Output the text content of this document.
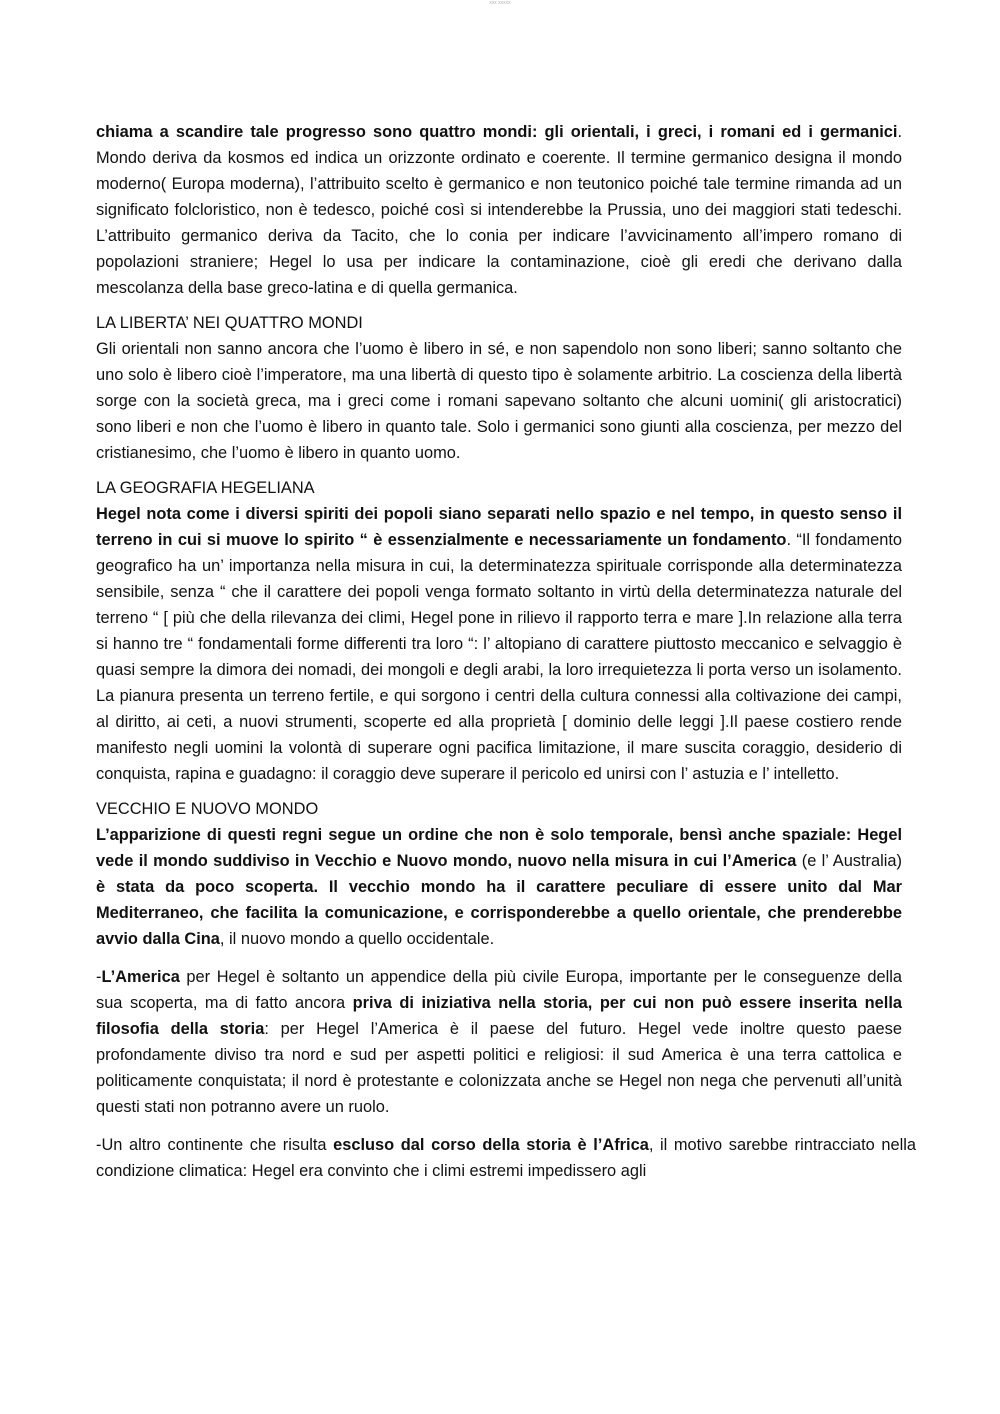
xxx xxxxx

chiama a scandire tale progresso sono quattro mondi: gli orientali, i greci, i romani ed i germanici. Mondo deriva da kosmos ed indica un orizzonte ordinato e coerente. Il termine germanico designa il mondo moderno( Europa moderna), l’attribuito scelto è germanico e non teutonico poiché tale termine rimanda ad un significato folcloristico, non è tedesco, poiché così si intenderebbe la Prussia, uno dei maggiori stati tedeschi. L’attribuito germanico deriva da Tacito, che lo conia per indicare l’avvicinamento all’impero romano di popolazioni straniere; Hegel lo usa per indicare la contaminazione, cioè gli eredi che derivano dalla mescolanza della base greco-latina e di quella germanica.

LA LIBERTA’ NEI QUATTRO MONDI

Gli orientali non sanno ancora che l’uomo è libero in sé, e non sapendolo non sono liberi; sanno soltanto che uno solo è libero cioè l’imperatore, ma una libertà di questo tipo è solamente arbitrio. La coscienza della libertà sorge con la società greca, ma i greci come i romani sapevano soltanto che alcuni uomini( gli aristocratici) sono liberi e non che l’uomo è libero in quanto tale. Solo i germanici sono giunti alla coscienza, per mezzo del cristianesimo, che l’uomo è libero in quanto uomo.

LA GEOGRAFIA HEGELIANA

Hegel nota come i diversi spiriti dei popoli siano separati nello spazio e nel tempo, in questo senso il terreno in cui si muove lo spirito “ è essenzialmente e necessariamente un fondamento. “Il fondamento geografico ha un’ importanza nella misura in cui, la determinatezza spirituale corrisponde alla determinatezza sensibile, senza “ che il carattere dei popoli venga formato soltanto in virtù della determinatezza naturale del terreno “ [ più che della rilevanza dei climi, Hegel pone in rilievo il rapporto terra e mare ].In relazione alla terra si hanno tre “ fondamentali forme differenti tra loro “: l’ altopiano di carattere piuttosto meccanico e selvaggio è quasi sempre la dimora dei nomadi, dei mongoli e degli arabi, la loro irrequietezza li porta verso un isolamento. La pianura presenta un terreno fertile, e qui sorgono i centri della cultura connessi alla coltivazione dei campi, al diritto, ai ceti, a nuovi strumenti, scoperte ed alla proprietà [ dominio delle leggi ].Il paese costiero rende manifesto negli uomini la volontà di superare ogni pacifica limitazione, il mare suscita coraggio, desiderio di conquista, rapina e guadagno: il coraggio deve superare il pericolo ed unirsi con l’ astuzia e l’ intelletto.

VECCHIO E NUOVO MONDO

L’apparizione di questi regni segue un ordine che non è solo temporale, bensì anche spaziale: Hegel vede il mondo suddiviso in Vecchio e Nuovo mondo, nuovo nella misura in cui l’America (e l’ Australia) è stata da poco scoperta. Il vecchio mondo ha il carattere peculiare di essere unito dal Mar Mediterraneo, che facilita la comunicazione, e corrisponderebbe a quello orientale, che prenderebbe avvio dalla Cina, il nuovo mondo a quello occidentale.

-L’America per Hegel è soltanto un appendice della più civile Europa, importante per le conseguenze della sua scoperta, ma di fatto ancora priva di iniziativa nella storia, per cui non può essere inserita nella filosofia della storia: per Hegel l’America è il paese del futuro. Hegel vede inoltre questo paese profondamente diviso tra nord e sud per aspetti politici e religiosi: il sud America è una terra cattolica e politicamente conquistata; il nord è protestante e colonizzata anche se Hegel non nega che pervenuti all’unità questi stati non potranno avere un ruolo.

-Un altro continente che risulta escluso dal corso della storia è l’Africa, il motivo sarebbe rintracciato nella condizione climatica: Hegel era convinto che i climi estremi impedissero agli
